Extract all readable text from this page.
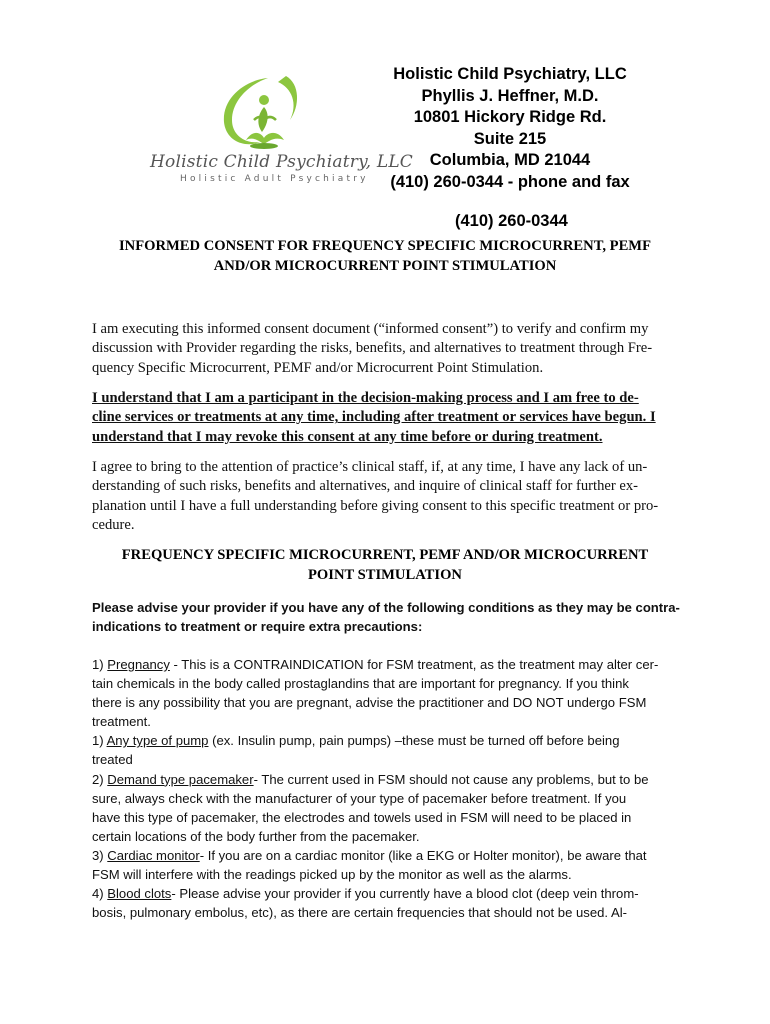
Holistic Child Psychiatry, LLC
Holistic Adult Psychiatry
Holistic Child Psychiatry, LLC
Phyllis J. Heffner, M.D.
10801 Hickory Ridge Rd.
Suite 215
Columbia, MD 21044
(410) 260-0344 - phone and fax
(410) 260-0344
INFORMED CONSENT FOR FREQUENCY SPECIFIC MICROCURRENT, PEMF
AND/OR MICROCURRENT POINT STIMULATION
I am executing this informed consent document (“informed consent”) to verify and confirm my
discussion with Provider regarding the risks, benefits, and alternatives to treatment through Fre-
quency Specific Microcurrent, PEMF and/or Microcurrent Point Stimulation.
I understand that I am a participant in the decision-making process and I am free to de-
cline services or treatments at any time, including after treatment or services have begun. I
understand that I may revoke this consent at any time before or during treatment.
I agree to bring to the attention of practice’s clinical staff, if, at any time, I have any lack of un-
derstanding of such risks, benefits and alternatives, and inquire of clinical staff for further ex-
planation until I have a full understanding before giving consent to this specific treatment or pro-
cedure.
FREQUENCY SPECIFIC MICROCURRENT, PEMF AND/OR MICROCURRENT
POINT STIMULATION
Please advise your provider if you have any of the following conditions as they may be contra-
indications to treatment or require extra precautions:
1) Pregnancy - This is a CONTRAINDICATION for FSM treatment, as the treatment may alter cer-
tain chemicals in the body called prostaglandins that are important for pregnancy. If you think
there is any possibility that you are pregnant, advise the practitioner and DO NOT undergo FSM
treatment.
1) Any type of pump (ex. Insulin pump, pain pumps) –these must be turned off before being
treated
2) Demand type pacemaker- The current used in FSM should not cause any problems, but to be
sure, always check with the manufacturer of your type of pacemaker before treatment. If you
have this type of pacemaker, the electrodes and towels used in FSM will need to be placed in
certain locations of the body further from the pacemaker.
3) Cardiac monitor- If you are on a cardiac monitor (like a EKG or Holter monitor), be aware that
FSM will interfere with the readings picked up by the monitor as well as the alarms.
4) Blood clots- Please advise your provider if you currently have a blood clot (deep vein throm-
bosis, pulmonary embolus, etc), as there are certain frequencies that should not be used. Al-
